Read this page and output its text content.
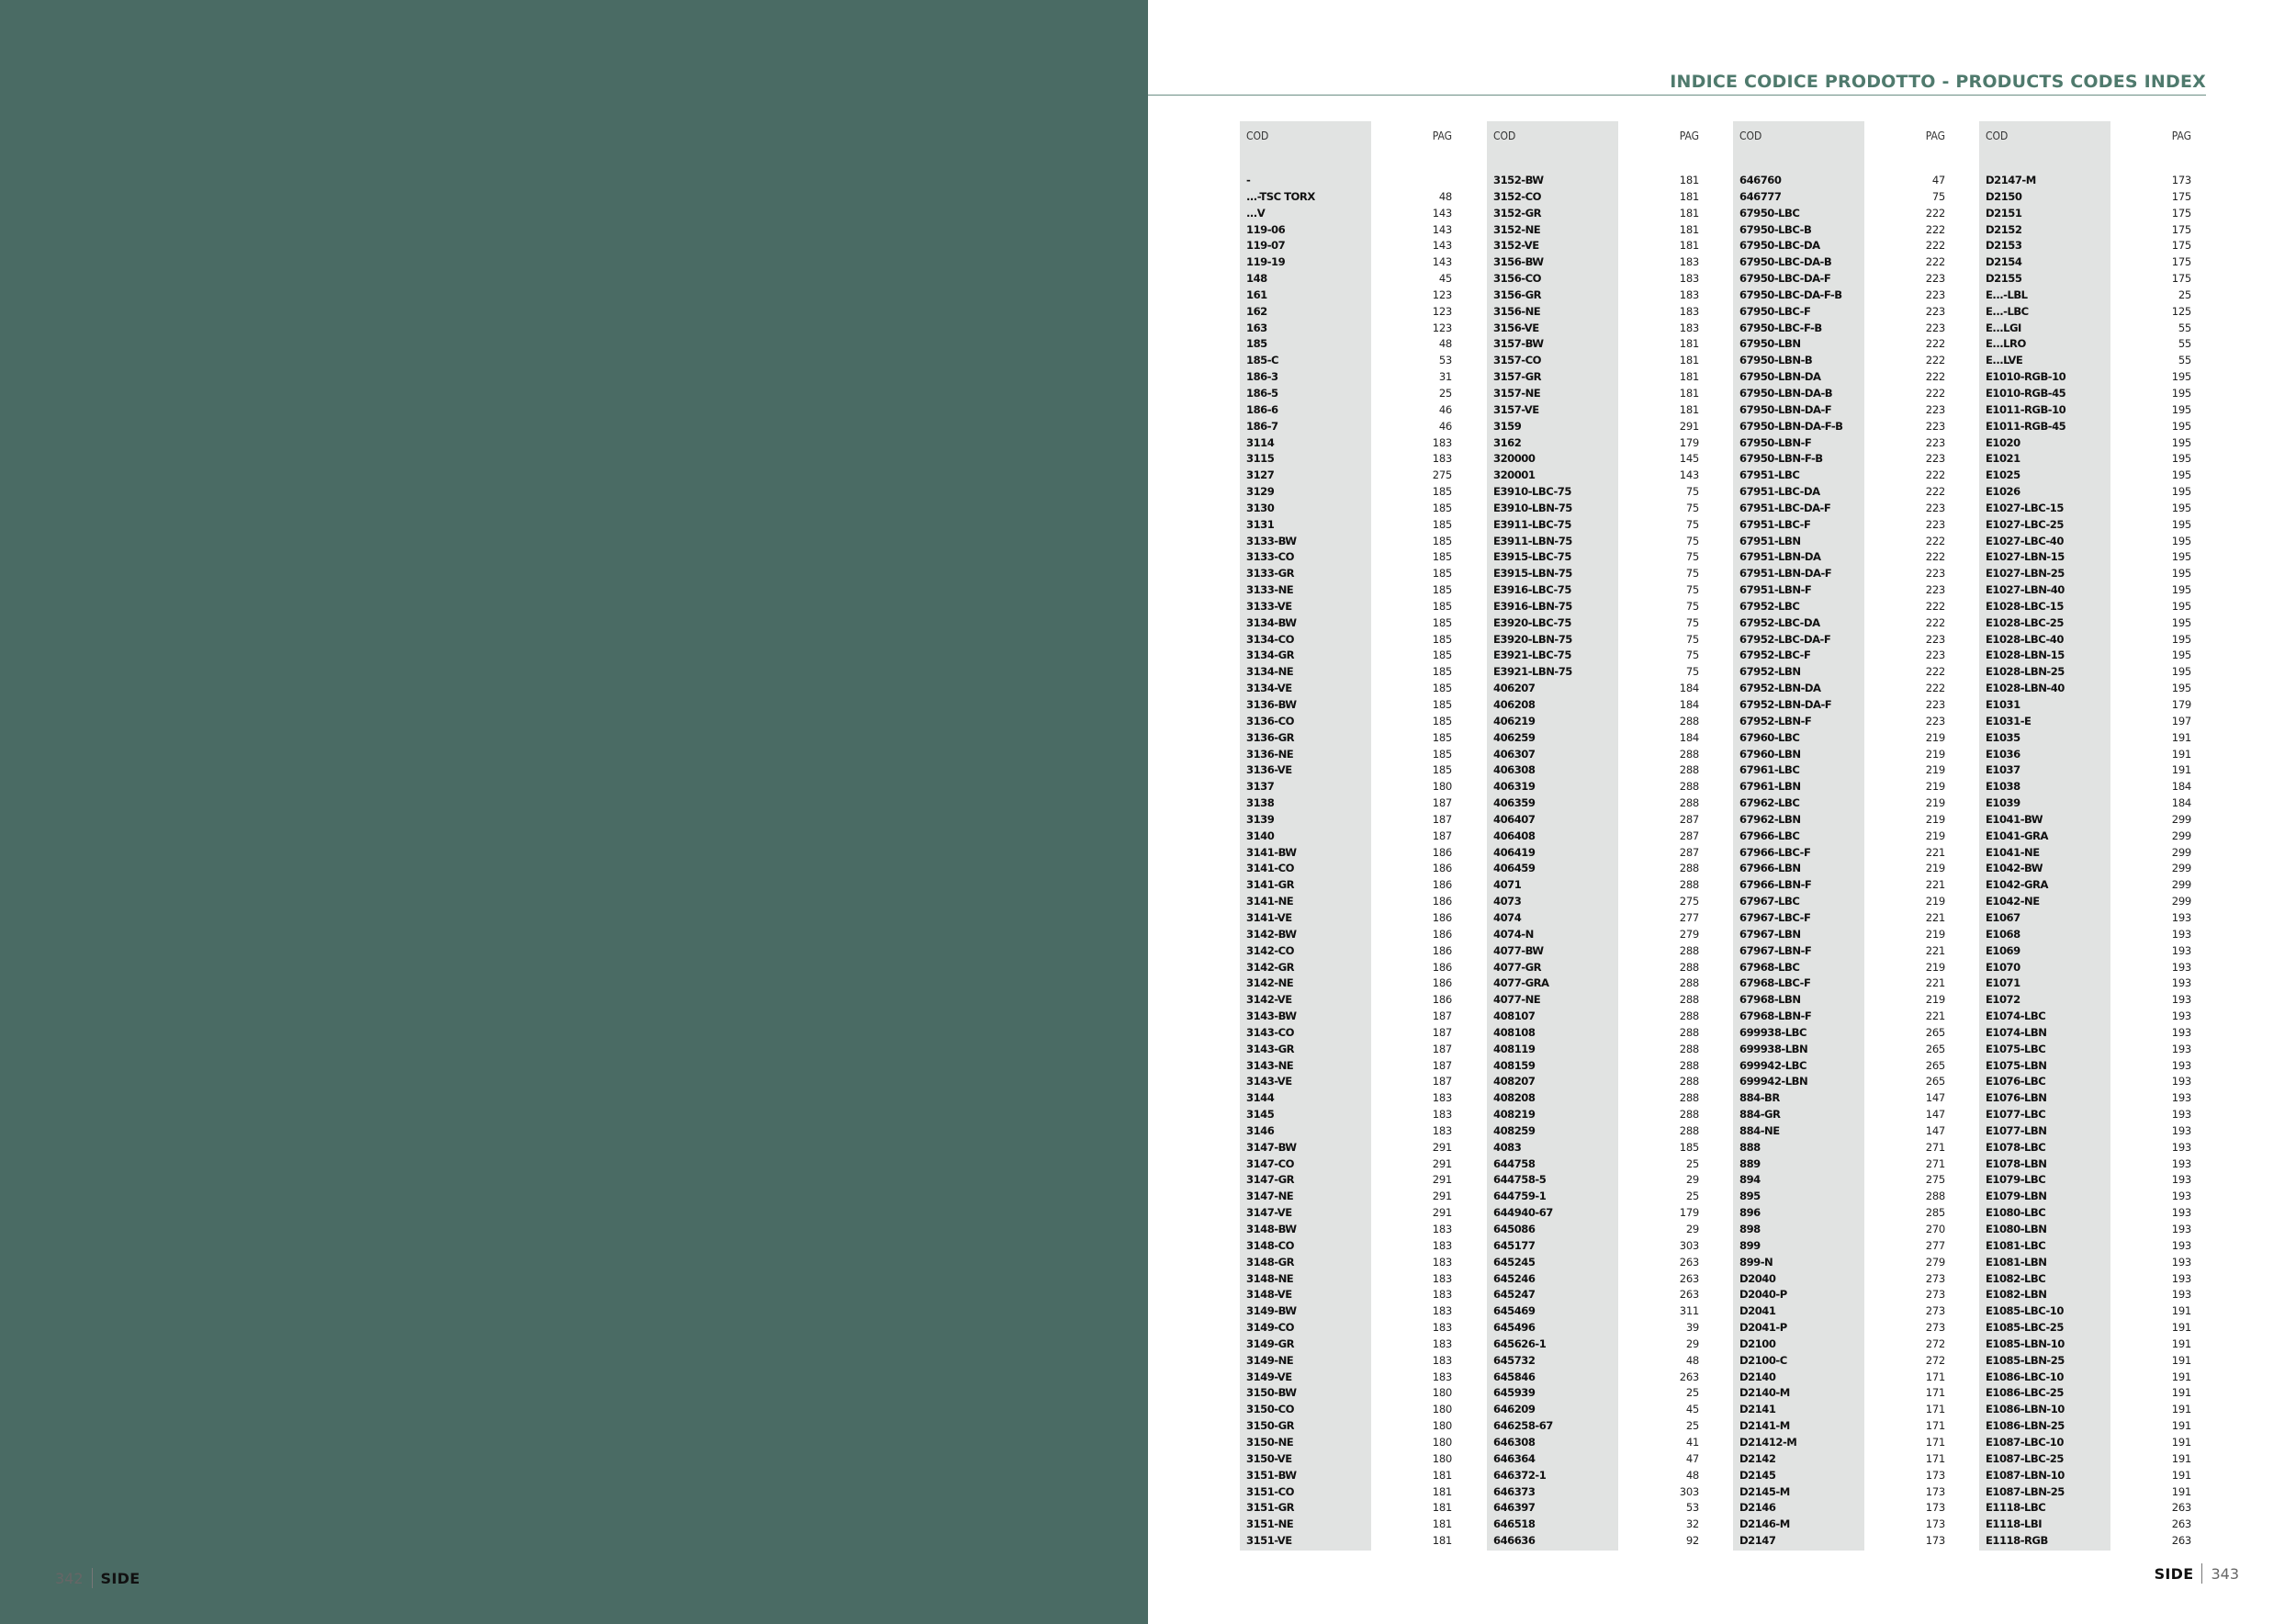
INDICE CODICE PRODOTTO - PRODUCTS CODES INDEX
COD	PAG
-
...-TSC TORX	48
...V	143
119-06	143
119-07	143
119-19	143
148	45
161	123
162	123
163	123
185	48
185-C	53
186-3	31
186-5	25
186-6	46
186-7	46
3114	183
3115	183
3127	275
3129	185
3130	185
3131	185
3133-BW	185
3133-CO	185
3133-GR	185
3133-NE	185
3133-VE	185
3134-BW	185
3134-CO	185
3134-GR	185
3134-NE	185
3134-VE	185
3136-BW	185
3136-CO	185
3136-GR	185
3136-NE	185
3136-VE	185
3137	180
3138	187
3139	187
3140	187
3141-BW	186
3141-CO	186
3141-GR	186
3141-NE	186
3141-VE	186
3142-BW	186
3142-CO	186
3142-GR	186
3142-NE	186
3142-VE	186
3143-BW	187
3143-CO	187
3143-GR	187
3143-NE	187
3143-VE	187
3144	183
3145	183
3146	183
3147-BW	291
3147-CO	291
3147-GR	291
3147-NE	291
3147-VE	291
3148-BW	183
3148-CO	183
3148-GR	183
3148-NE	183
3148-VE	183
3149-BW	183
3149-CO	183
3149-GR	183
3149-NE	183
3149-VE	183
3150-BW	180
3150-CO	180
3150-GR	180
3150-NE	180
3150-VE	180
3151-BW	181
3151-CO	181
3151-GR	181
3151-NE	181
3151-VE	181
COD	PAG
3152-BW	181
3152-CO	181
3152-GR	181
3152-NE	181
3152-VE	181
3156-BW	183
3156-CO	183
3156-GR	183
3156-NE	183
3156-VE	183
3157-BW	181
3157-CO	181
3157-GR	181
3157-NE	181
3157-VE	181
3159	291
3162	179
320000	145
320001	143
E3910-LBC-75	75
E3910-LBN-75	75
E3911-LBC-75	75
E3911-LBN-75	75
E3915-LBC-75	75
E3915-LBN-75	75
E3916-LBC-75	75
E3916-LBN-75	75
E3920-LBC-75	75
E3920-LBN-75	75
E3921-LBC-75	75
E3921-LBN-75	75
406207	184
406208	184
406219	288
406259	184
406307	288
406308	288
406319	288
406359	288
406407	287
406408	287
406419	287
406459	288
4071	288
4073	275
4074	277
4074-N	279
4077-BW	288
4077-GR	288
4077-GRA	288
4077-NE	288
408107	288
408108	288
408119	288
408159	288
408207	288
408208	288
408219	288
408259	288
4083	185
644758	25
644758-5	29
644759-1	25
644940-67	179
645086	29
645177	303
645245	263
645246	263
645247	263
645469	311
645496	39
645626-1	29
645732	48
645846	263
645939	25
646209	45
646258-67	25
646308	41
646364	47
646372-1	48
646373	303
646397	53
646518	32
646636	92
COD	PAG
646760	47
646777	75
67950-LBC	222
67950-LBC-B	222
67950-LBC-DA	222
67950-LBC-DA-B	222
67950-LBC-DA-F	223
67950-LBC-DA-F-B	223
67950-LBC-F	223
67950-LBC-F-B	223
67950-LBN	222
67950-LBN-B	222
67950-LBN-DA	222
67950-LBN-DA-B	222
67950-LBN-DA-F	223
67950-LBN-DA-F-B	223
67950-LBN-F	223
67950-LBN-F-B	223
67951-LBC	222
67951-LBC-DA	222
67951-LBC-DA-F	223
67951-LBC-F	223
67951-LBN	222
67951-LBN-DA	222
67951-LBN-DA-F	223
67951-LBN-F	223
67952-LBC	222
67952-LBC-DA	222
67952-LBC-DA-F	223
67952-LBC-F	223
67952-LBN	222
67952-LBN-DA	222
67952-LBN-DA-F	223
67952-LBN-F	223
67960-LBC	219
67960-LBN	219
67961-LBC	219
67961-LBN	219
67962-LBC	219
67962-LBN	219
67966-LBC	219
67966-LBC-F	221
67966-LBN	219
67966-LBN-F	221
67967-LBC	219
67967-LBC-F	221
67967-LBN	219
67967-LBN-F	221
67968-LBC	219
67968-LBC-F	221
67968-LBN	219
67968-LBN-F	221
699938-LBC	265
699938-LBN	265
699942-LBC	265
699942-LBN	265
884-BR	147
884-GR	147
884-NE	147
888	271
889	271
894	275
895	288
896	285
898	270
899	277
899-N	279
D2040	273
D2040-P	273
D2041	273
D2041-P	273
D2100	272
D2100-C	272
D2140	171
D2140-M	171
D2141	171
D2141-M	171
D21412-M	171
D2142	171
D2145	173
D2145-M	173
D2146	173
D2146-M	173
D2147	173
COD	PAG
D2147-M	173
D2150	175
D2151	175
D2152	175
D2153	175
D2154	175
D2155	175
E...-LBL	25
E...-LBC	125
E...LGI	55
E...LRO	55
E...LVE	55
E1010-RGB-10	195
E1010-RGB-45	195
E1011-RGB-10	195
E1011-RGB-45	195
E1020	195
E1021	195
E1025	195
E1026	195
E1027-LBC-15	195
E1027-LBC-25	195
E1027-LBC-40	195
E1027-LBN-15	195
E1027-LBN-25	195
E1027-LBN-40	195
E1028-LBC-15	195
E1028-LBC-25	195
E1028-LBC-40	195
E1028-LBN-15	195
E1028-LBN-25	195
E1028-LBN-40	195
E1031	179
E1031-E	197
E1035	191
E1036	191
E1037	191
E1038	184
E1039	184
E1041-BW	299
E1041-GRA	299
E1041-NE	299
E1042-BW	299
E1042-GRA	299
E1042-NE	299
E1067	193
E1068	193
E1069	193
E1070	193
E1071	193
E1072	193
E1074-LBC	193
E1074-LBN	193
E1075-LBC	193
E1075-LBN	193
E1076-LBC	193
E1076-LBN	193
E1077-LBC	193
E1077-LBN	193
E1078-LBC	193
E1078-LBN	193
E1079-LBC	193
E1079-LBN	193
E1080-LBC	193
E1080-LBN	193
E1081-LBC	193
E1081-LBN	193
E1082-LBC	193
E1082-LBN	193
E1085-LBC-10	191
E1085-LBC-25	191
E1085-LBN-10	191
E1085-LBN-25	191
E1086-LBC-10	191
E1086-LBC-25	191
E1086-LBN-10	191
E1086-LBN-25	191
E1087-LBC-10	191
E1087-LBC-25	191
E1087-LBN-10	191
E1087-LBN-25	191
E1118-LBC	263
E1118-LBI	263
E1118-RGB	263
342 SIDE	SIDE 343
